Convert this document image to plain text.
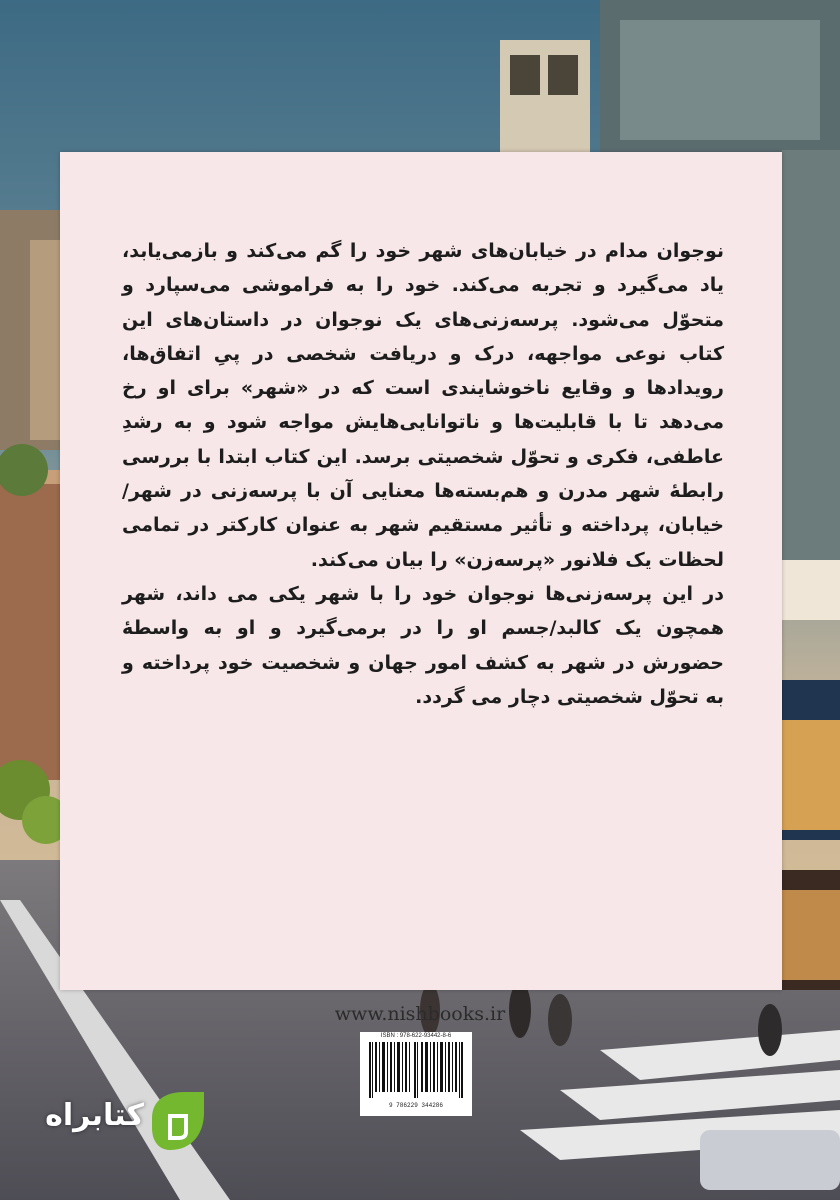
نوجوان مدام در خیابان‌های شهر خود را گم می‌کند و بازمی‌یابد، یاد می‌گیرد و تجربه می‌کند. خود را به فراموشی می‌سپارد و متحوّل می‌شود. پرسه‌زنی‌های یک نوجوان در داستان‌های این کتاب نوعی مواجهه، درک و دریافت شخصی در پیِ اتفاق‌ها، رویدادها و وقایع ناخوشایندی است که در «شهر» برای او رخ می‌دهد تا با قابلیت‌ها و ناتوانایی‌هایش مواجه شود و به رشدِ عاطفی، فکری و تحوّل شخصیتی برسد. این کتاب ابتدا با بررسی رابطهٔ شهر مدرن و هم‌بسته‌ها معنایی آن با پرسه‌زنی در شهر/خیابان، پرداخته و تأثیر مستقیم شهر به عنوان کارکتر در تمامی لحظات یک فلانور «پرسه‌زن» را بیان می‌کند.

در این پرسه‌زنی‌ها نوجوان خود را با شهر یکی می داند، شهر همچون یک کالبد/جسم او را در برمی‌گیرد و او به واسطهٔ حضورش در شهر به کشف امور جهان و شخصیت خود پرداخته و به تحوّل شخصیتی دچار می گردد.

www.nishbooks.ir
ISBN : 978-622-93442-8-6
9 786229 344286
کتابراه
